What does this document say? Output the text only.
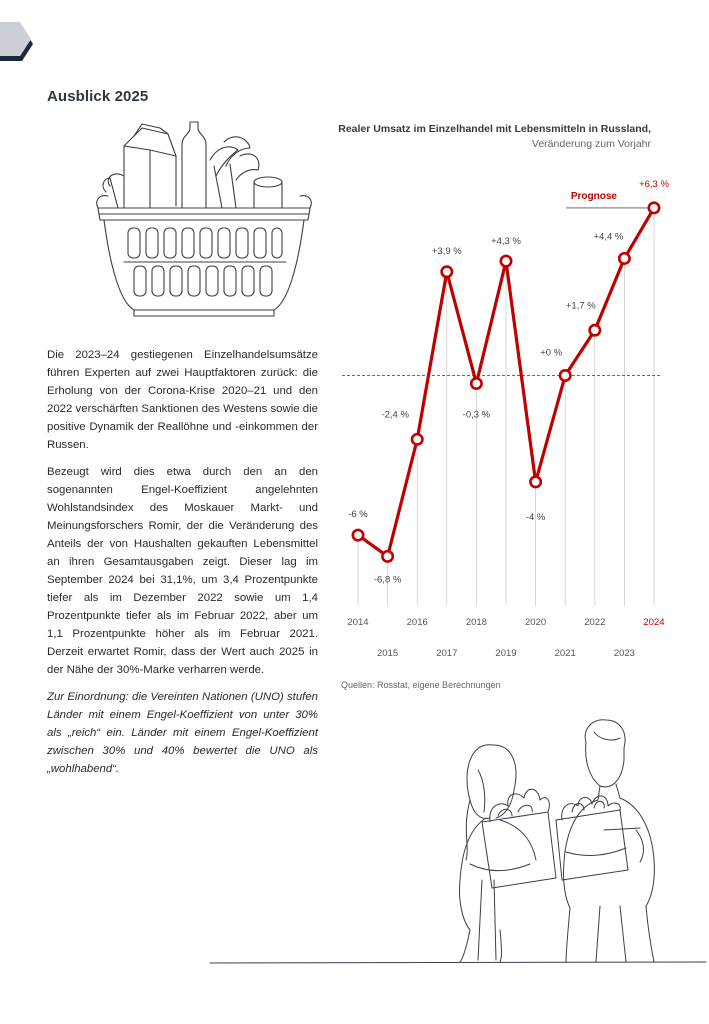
Ausblick 2025

Die 2023–24 gestiegenen Einzelhandelsumsätze führen Experten auf zwei Hauptfaktoren zurück: die Erholung von der Corona-Krise 2020–21 und den 2022 verschärften Sanktionen des Westens sowie die positive Dynamik der Reallöhne und -einkommen der Russen.

Bezeugt wird dies etwa durch den an den sogenannten Engel-Koeffizient angelehnten Wohlstandsindex des Moskauer Markt- und Meinungsforschers Romir, der die Veränderung des Anteils der von Haushalten gekauften Lebensmittel an ihren Gesamtausgaben zeigt. Dieser lag im September 2024 bei 31,1%, um 3,4 Prozentpunkte tiefer als im Dezember 2022 sowie um 1,4 Prozentpunkte tiefer als im Februar 2022, aber um 1,1 Prozentpunkte höher als im Februar 2021. Derzeit erwartet Romir, dass der Wert auch 2025 in der Nähe der 30%-Marke verharren werde.

Zur Einordnung: die Vereinten Nationen (UNO) stufen Länder mit einem Engel-Koeffizient von unter 30% als „reich“ ein. Länder mit einem Engel-Koeffizient zwischen 30% und 40% bewertet die UNO als „wohlhabend“.

Realer Umsatz im Einzelhandel mit Lebensmitteln in Russland,
Veränderung zum Vorjahr
Prognose
-6 %
-6,8 %
-2,4 %
+3,9 %
-0,3 %
+4,3 %
-4 %
+0 %
+1,7 %
+4,4 %
+6,3 %
2014
2015
2016
2017
2018
2019
2020
2021
2022
2023
2024
Quellen: Rosstat, eigene Berechnungen
